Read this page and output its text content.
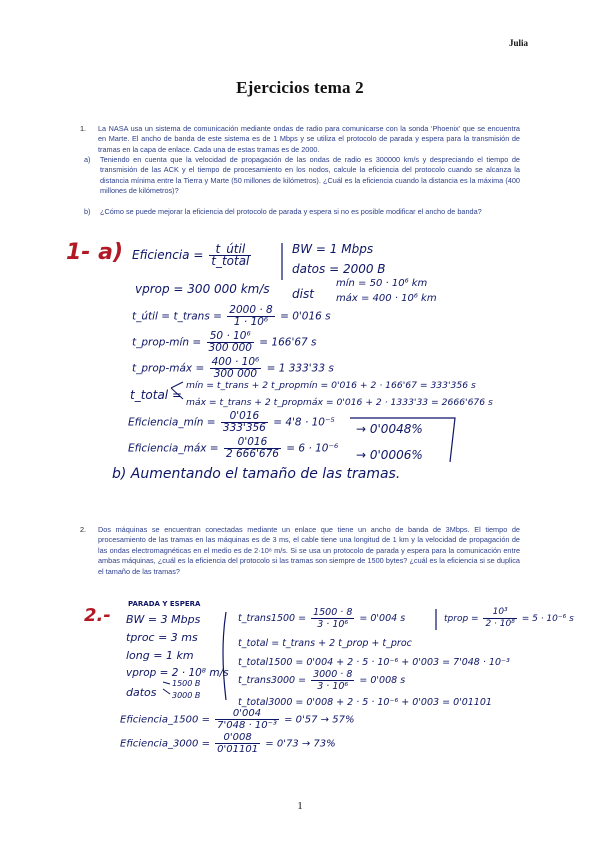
Julia
Ejercicios tema 2
1. La NASA usa un sistema de comunicación mediante ondas de radio para comunicarse con la sonda ‘Phoenix’ que se encuentra en Marte. El ancho de banda de este sistema es de 1 Mbps y se utiliza el protocolo de parada y espera para la transmisión de tramas en la capa de enlace. Cada una de estas tramas es de 2000.
a) Teniendo en cuenta que la velocidad de propagación de las ondas de radio es 300000 km/s y despreciando el tiempo de transmisión de las ACK y el tiempo de procesamiento en los nodos, calcule la eficiencia del protocolo cuando se alcanza la distancia mínima entre la Tierra y Marte (50 millones de kilómetros). ¿Cuál es la eficiencia cuando la distancia es la máxima (400 millones de kilómetros)?
b) ¿Cómo se puede mejorar la eficiencia del protocolo de parada y espera si no es posible modificar el ancho de banda?
1- a) Eficiencia = $\frac{\text{t\_útil}}{\text{t\_total}}$	BW = 1 Mbps
datos = 2000 B
dist
mín = 50 · 10⁶ km
máx = 400 · 10⁶ km
vprop = 300 000 km/s
t_útil = t_trans = $\frac{2000 \cdot 8}{\text{1 · 10⁶}} = 0'016$ s
t_prop-mín = $\frac{\text{50 · 10⁶}}{300 000} = 166'67$ s
t_prop-máx = $\frac{\text{400 · 10⁶}}{300 000} = 1$ 333'33 s
t_total =
mín = t_trans + 2 t_propmín = 0'016 + 2 · 166'67 = 333'356 s
máx = t_trans + 2 t_propmáx = 0'016 + 2 · 1333'33 = 2666'676 s
Eficiencia_mín = $\frac{0'016}{333'356} = 4'8 \cdot 10^{-5} \to 0'0048\%$
Eficiencia_máx = $\frac{0'016}{2 666'676} = 6 \cdot 10^{-6} \to 0'0006\%$
b) Aumentando el tamaño de las tramas.
2. Dos máquinas se encuentran conectadas mediante un enlace que tiene un ancho de banda de 3Mbps. El tiempo de procesamiento de las tramas en las máquinas es de 3 ms, el cable tiene una longitud de 1 km y la velocidad de propagación de las ondas electromagnéticas en el medio es de 2·10⁸ m/s. Si se usa un protocolo de parada y espera para la comunicación entre ambas máquinas, ¿cuál es la eficiencia del protocolo si las tramas son siempre de 1500 bytes? ¿cuál es la eficiencia si se duplica el tamaño de las tramas?
2.-
PARADA Y ESPERA
BW = 3 Mbps
tproc = 3 ms
long = 1 km
vprop = 2 · 10⁸ m/s
datos
1500 B
3000 B
t_trans1500 = $\frac{1500 \cdot 8}{\text{3 · 10⁶}} = 0'004$ s	tprop = $\frac{\text{10³}}{\text{2 · 10⁸}} = 5 \cdot 10^{-6}$ s
t_total = t_trans + 2 t_prop + t_proc
t_total1500 = 0'004 + 2 · 5 · 10⁻⁶ + 0'003 = 7'048 · 10⁻³
t_trans3000 = $\frac{3000 \cdot 8}{\text{3 · 10⁶}} = 0'008$ s
t_total3000 = 0'008 + 2 · 5 · 10⁻⁶ + 0'003 = 0'01101
Eficiencia_1500 = $\frac{0'004}{\text{7'048 · 10⁻³}} = 0'57 \to 57\%$
Eficiencia_3000 = $\frac{0'008}{0'01101} = 0'73 \to 73\%$
1
